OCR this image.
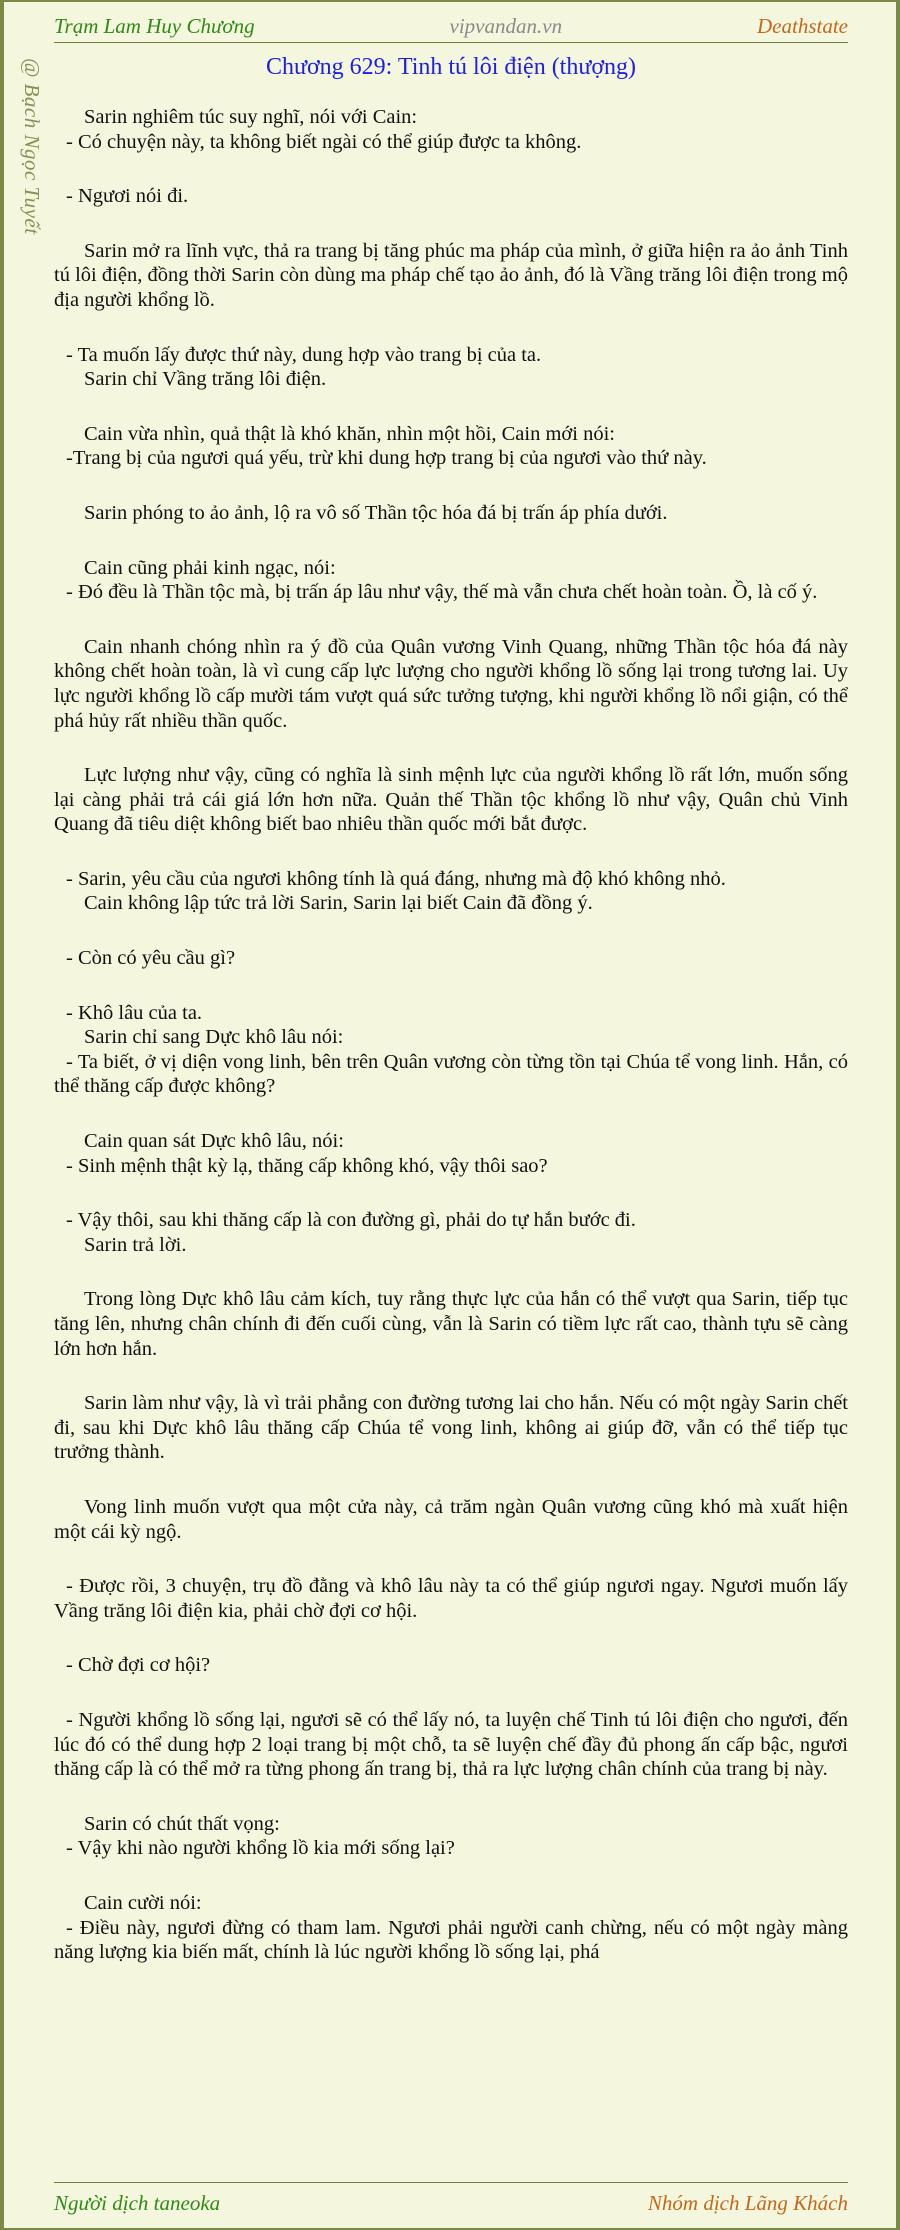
Trạm Lam Huy Chương	vipvandan.vn	Deathstate
@ Bạch Ngọc Tuyết	Chương 629: Tinh tú lôi điện (thượng)
Sarin nghiêm túc suy nghĩ, nói với Cain:
- Có chuyện này, ta không biết ngài có thể giúp được ta không.
- Ngươi nói đi.
Sarin mở ra lĩnh vực, thả ra trang bị tăng phúc ma pháp của mình, ở giữa hiện ra ảo ảnh Tinh tú lôi điện, đồng thời Sarin còn dùng ma pháp chế tạo ảo ảnh, đó là Vầng trăng lôi điện trong mộ địa người khổng lồ.
- Ta muốn lấy được thứ này, dung hợp vào trang bị của ta.
Sarin chỉ Vầng trăng lôi điện.
Cain vừa nhìn, quả thật là khó khăn, nhìn một hồi, Cain mới nói:
-Trang bị của ngươi quá yếu, trừ khi dung hợp trang bị của ngươi vào thứ này.
Sarin phóng to ảo ảnh, lộ ra vô số Thần tộc hóa đá bị trấn áp phía dưới.
Cain cũng phải kinh ngạc, nói:
- Đó đều là Thần tộc mà, bị trấn áp lâu như vậy, thế mà vẫn chưa chết hoàn toàn. Ồ, là cố ý.
Cain nhanh chóng nhìn ra ý đồ của Quân vương Vinh Quang, những Thần tộc hóa đá này không chết hoàn toàn, là vì cung cấp lực lượng cho người khổng lồ sống lại trong tương lai. Uy lực người khổng lồ cấp mười tám vượt quá sức tưởng tượng, khi người khổng lồ nổi giận, có thể phá hủy rất nhiều thần quốc.
Lực lượng như vậy, cũng có nghĩa là sinh mệnh lực của người khổng lồ rất lớn, muốn sống lại càng phải trả cái giá lớn hơn nữa. Quản thế Thần tộc khổng lồ như vậy, Quân chủ Vinh Quang đã tiêu diệt không biết bao nhiêu thần quốc mới bắt được.
- Sarin, yêu cầu của ngươi không tính là quá đáng, nhưng mà độ khó không nhỏ.
Cain không lập tức trả lời Sarin, Sarin lại biết Cain đã đồng ý.
- Còn có yêu cầu gì?
- Khô lâu của ta.
Sarin chỉ sang Dực khô lâu nói:
- Ta biết, ở vị diện vong linh, bên trên Quân vương còn từng tồn tại Chúa tể vong linh. Hắn, có thể thăng cấp được không?
Cain quan sát Dực khô lâu, nói:
- Sinh mệnh thật kỳ lạ, thăng cấp không khó, vậy thôi sao?
- Vậy thôi, sau khi thăng cấp là con đường gì, phải do tự hắn bước đi.
Sarin trả lời.
Trong lòng Dực khô lâu cảm kích, tuy rằng thực lực của hắn có thể vượt qua Sarin, tiếp tục tăng lên, nhưng chân chính đi đến cuối cùng, vẫn là Sarin có tiềm lực rất cao, thành tựu sẽ càng lớn hơn hắn.
Sarin làm như vậy, là vì trải phẳng con đường tương lai cho hắn. Nếu có một ngày Sarin chết đi, sau khi Dực khô lâu thăng cấp Chúa tể vong linh, không ai giúp đỡ, vẫn có thể tiếp tục trưởng thành.
Vong linh muốn vượt qua một cửa này, cả trăm ngàn Quân vương cũng khó mà xuất hiện một cái kỳ ngộ.
- Được rồi, 3 chuyện, trụ đồ đằng và khô lâu này ta có thể giúp ngươi ngay. Ngươi muốn lấy Vầng trăng lôi điện kia, phải chờ đợi cơ hội.
- Chờ đợi cơ hội?
- Người khổng lồ sống lại, ngươi sẽ có thể lấy nó, ta luyện chế Tinh tú lôi điện cho ngươi, đến lúc đó có thể dung hợp 2 loại trang bị một chỗ, ta sẽ luyện chế đầy đủ phong ấn cấp bậc, ngươi thăng cấp là có thể mở ra từng phong ấn trang bị, thả ra lực lượng chân chính của trang bị này.
Sarin có chút thất vọng:
- Vậy khi nào người khổng lồ kia mới sống lại?
Cain cười nói:
- Điều này, ngươi đừng có tham lam. Ngươi phải người canh chừng, nếu có một ngày màng năng lượng kia biến mất, chính là lúc người khổng lồ sống lại, phá
Người dịch taneoka	Nhóm dịch Lãng Khách
